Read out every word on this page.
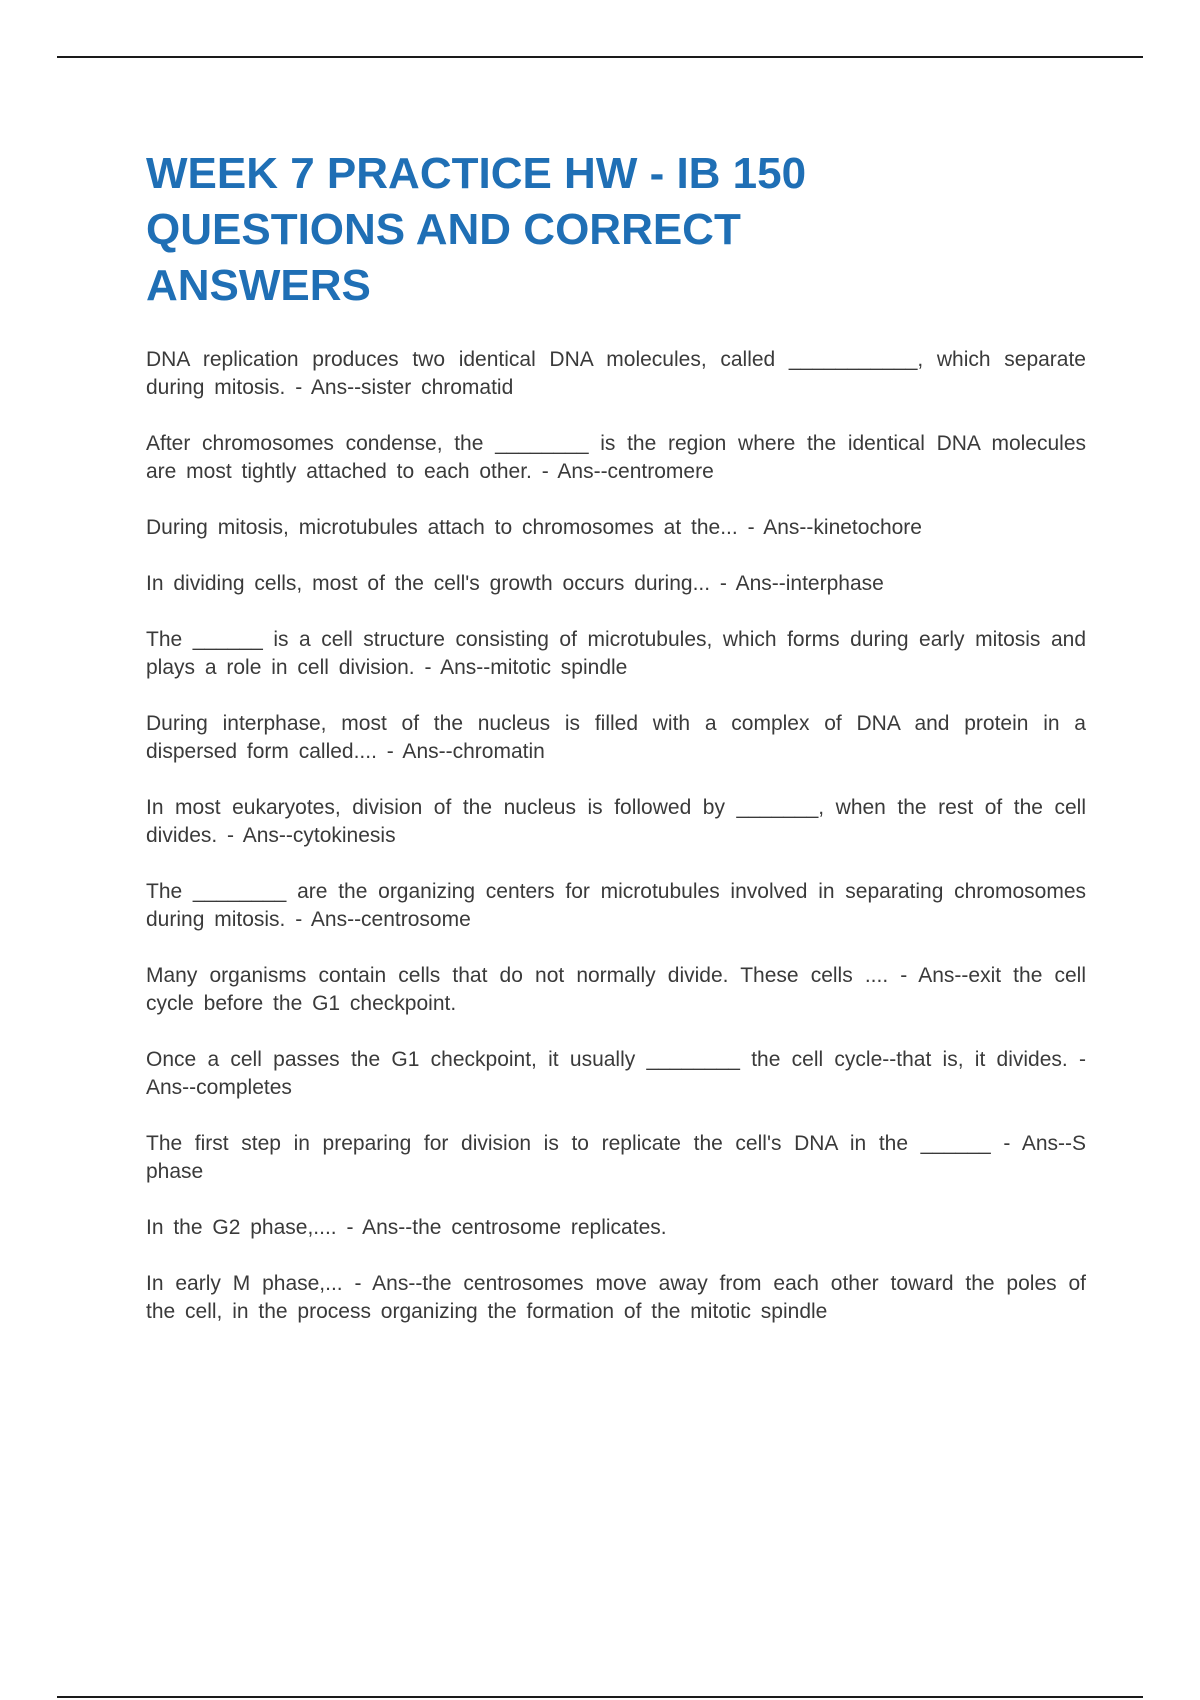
WEEK 7 PRACTICE HW - IB 150 QUESTIONS AND CORRECT ANSWERS
DNA replication produces two identical DNA molecules, called ___________, which separate during mitosis. - Ans--sister chromatid
After chromosomes condense, the ________ is the region where the identical DNA molecules are most tightly attached to each other. - Ans--centromere
During mitosis, microtubules attach to chromosomes at the... - Ans--kinetochore
In dividing cells, most of the cell's growth occurs during... - Ans--interphase
The ______ is a cell structure consisting of microtubules, which forms during early mitosis and plays a role in cell division. - Ans--mitotic spindle
During interphase, most of the nucleus is filled with a complex of DNA and protein in a dispersed form called.... - Ans--chromatin
In most eukaryotes, division of the nucleus is followed by _______, when the rest of the cell divides. - Ans--cytokinesis
The ________ are the organizing centers for microtubules involved in separating chromosomes during mitosis. - Ans--centrosome
Many organisms contain cells that do not normally divide. These cells .... - Ans--exit the cell cycle before the G1 checkpoint.
Once a cell passes the G1 checkpoint, it usually ________ the cell cycle--that is, it divides. - Ans--completes
The first step in preparing for division is to replicate the cell's DNA in the ______ - Ans--S phase
In the G2 phase,.... - Ans--the centrosome replicates.
In early M phase,... - Ans--the centrosomes move away from each other toward the poles of the cell, in the process organizing the formation of the mitotic spindle
